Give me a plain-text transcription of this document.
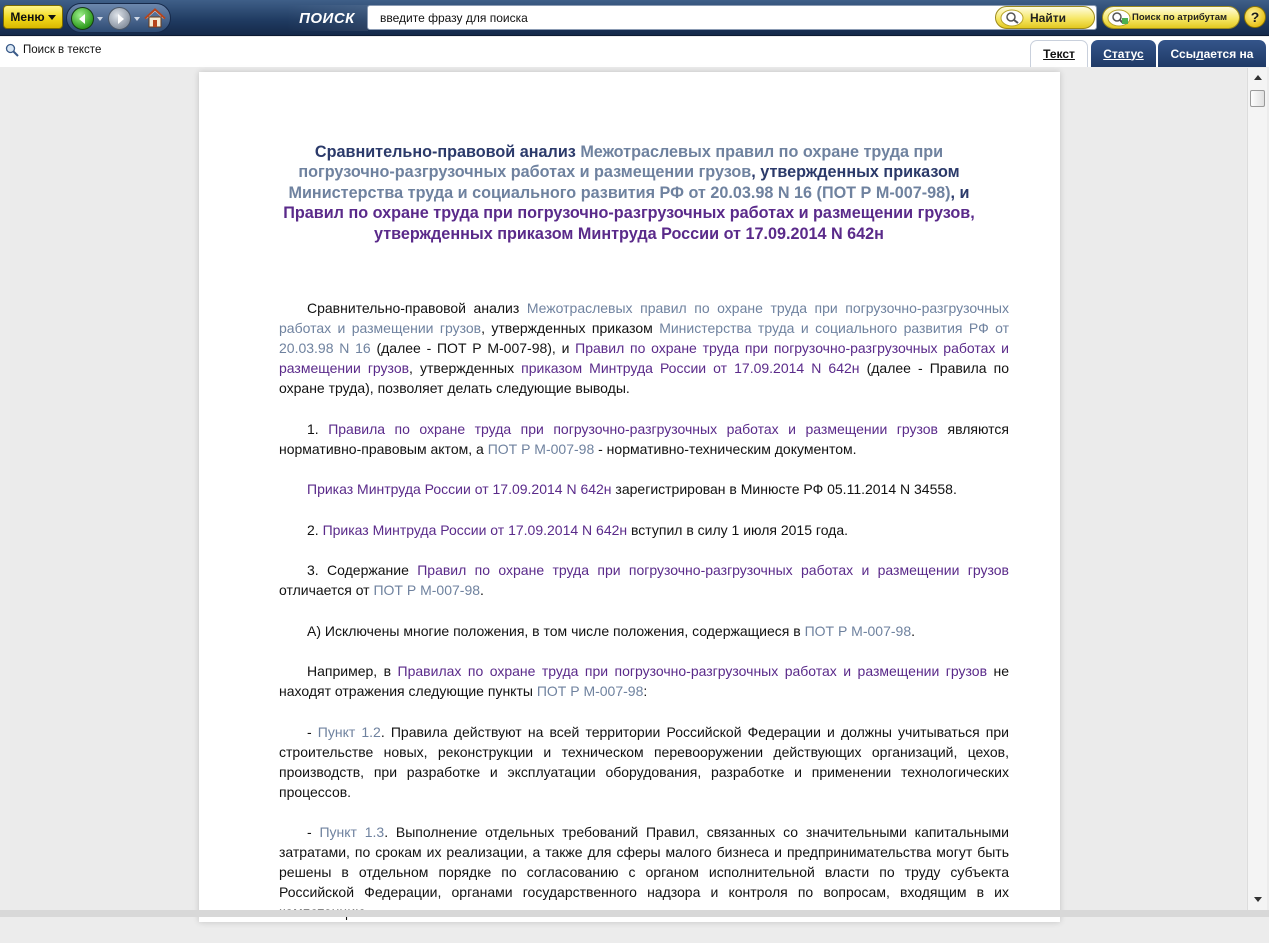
Меню	ПОИСК	введите фразу для поиска	Найти	Поиск по атрибутам ?
Поиск в тексте	Текст	Статус	Ссы л ается на
Сравнительно-правовой анализ Межотраслевых правил по охране труда при погрузочно-разгрузочных работах и размещении грузов, утвержденных приказом Министерства труда и социального развития РФ от 20.03.98 N 16 (ПОТ Р М-007-98), и Правил по охране труда при погрузочно-разгрузочных работах и размещении грузов, утвержденных приказом Минтруда России от 17.09.2014 N 642н

Сравнительно-правовой анализ Межотраслевых правил по охране труда при погрузочно-разгрузочных работах и размещении грузов, утвержденных приказом Министерства труда и социального развития РФ от 20.03.98 N 16 (далее - ПОТ Р М-007-98), и Правил по охране труда при погрузочно-разгрузочных работах и размещении грузов, утвержденных приказом Минтруда России от 17.09.2014 N 642н (далее - Правила по охране труда), позволяет делать следующие выводы.

1. Правила по охране труда при погрузочно-разгрузочных работах и размещении грузов являются нормативно-правовым актом, а ПОТ Р М-007-98 - нормативно-техническим документом.

Приказ Минтруда России от 17.09.2014 N 642н зарегистрирован в Минюсте РФ 05.11.2014 N 34558.

2. Приказ Минтруда России от 17.09.2014 N 642н вступил в силу 1 июля 2015 года.

3. Содержание Правил по охране труда при погрузочно-разгрузочных работах и размещении грузов отличается от ПОТ Р М-007-98.

А) Исключены многие положения, в том числе положения, содержащиеся в ПОТ Р М-007-98.

Например, в Правилах по охране труда при погрузочно-разгрузочных работах и размещении грузов не находят отражения следующие пункты ПОТ Р М-007-98:

- Пункт 1.2. Правила действуют на всей территории Российской Федерации и должны учитываться при строительстве новых, реконструкции и техническом перевооружении действующих организаций, цехов, производств, при разработке и эксплуатации оборудования, разработке и применении технологических процессов.

- Пункт 1.3. Выполнение отдельных требований Правил, связанных со значительными капитальными затратами, по срокам их реализации, а также для сферы малого бизнеса и предпринимательства могут быть решены в отдельном порядке по согласованию с органом исполнительной власти по труду субъекта Российской Федерации, органами государственного надзора и контроля по вопросам, входящим в их
